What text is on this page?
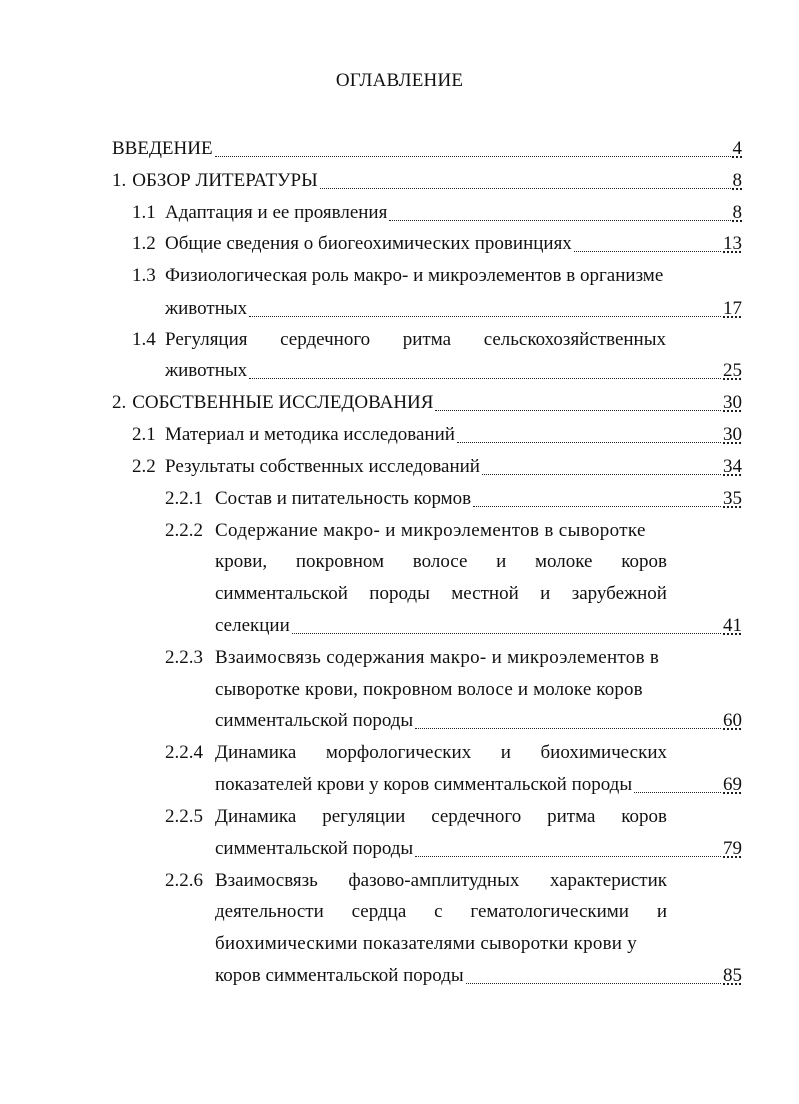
ОГЛАВЛЕНИЕ
ВВЕДЕНИЕ	4
1. ОБЗОР ЛИТЕРАТУРЫ	8
1.1 Адаптация и ее проявления	8
1.2 Общие сведения о биогеохимических провинциях	13
1.3 Физиологическая роль макро- и микроэлементов в организме
животных	17
1.4 Регуляция сердечного ритма сельскохозяйственных
животных	25
2. СОБСТВЕННЫЕ ИССЛЕДОВАНИЯ	30
2.1 Материал и методика исследований	30
2.2 Результаты собственных исследований	34
2.2.1 Состав и питательность кормов	35
2.2.2 Содержание макро- и микроэлементов в сыворотке
крови, покровном волосе и молоке коров
симментальской породы местной и зарубежной
селекции	41
2.2.3 Взаимосвязь содержания макро- и микроэлементов в
сыворотке крови, покровном волосе и молоке коров
симментальской породы	60
2.2.4 Динамика морфологических и биохимических
показателей крови у коров симментальской породы	69
2.2.5 Динамика регуляции сердечного ритма коров
симментальской породы	79
2.2.6 Взаимосвязь фазово-амплитудных характеристик
деятельности сердца с гематологическими и
биохимическими показателями сыворотки крови у
коров симментальской породы	85
